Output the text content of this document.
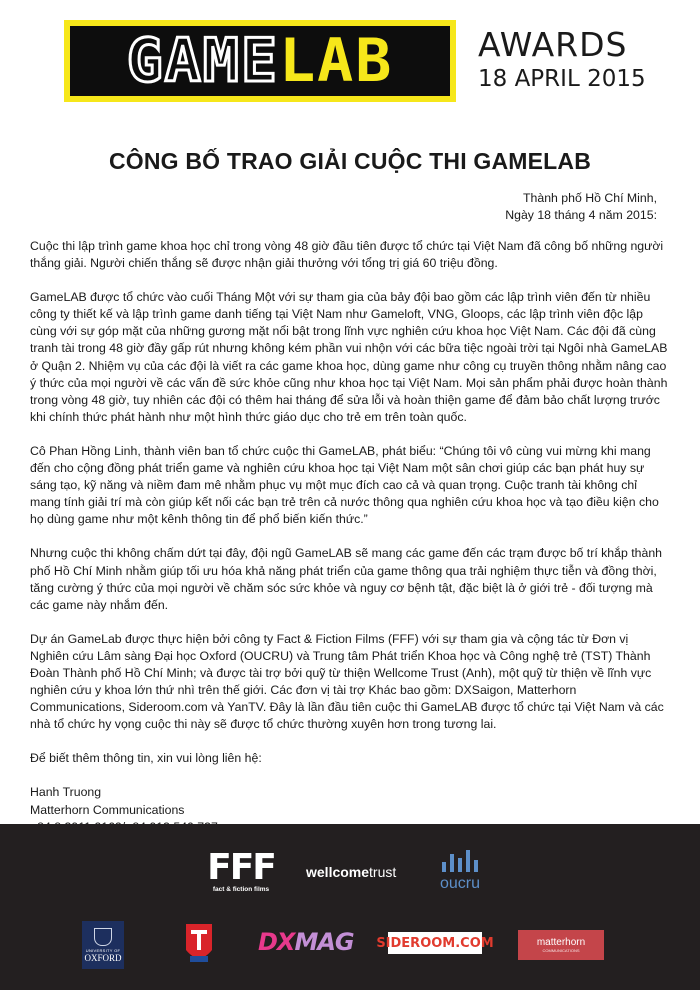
GAME LAB	AWARDS
18 APRIL 2015
CÔNG BỐ TRAO GIẢI CUỘC THI GAMELAB
Thành phố Hồ Chí Minh,
Ngày 18 tháng 4 năm 2015:

Cuộc thi lập trình game khoa học chỉ trong vòng 48 giờ đầu tiên được tổ chức tại Việt Nam đã công bố những người thắng giải. Người chiến thắng sẽ được nhận giải thưởng với tổng trị giá 60 triệu đồng.

GameLAB được tổ chức vào cuối Tháng Một với sự tham gia của bảy đội bao gồm các lập trình viên đến từ nhiều công ty thiết kế và lập trình game danh tiếng tại Việt Nam như Gameloft, VNG, Gloops, các lập trình viên độc lập cùng với sự góp mặt của những gương mặt nổi bật trong lĩnh vực nghiên cứu khoa học Việt Nam. Các đội đã cùng tranh tài trong 48 giờ đầy gấp rút nhưng không kém phần vui nhộn với các bữa tiệc ngoài trời tại Ngôi nhà GameLAB ở Quận 2. Nhiệm vụ của các đội là viết ra các game khoa học, dùng game như công cụ truyền thông nhằm nâng cao ý thức của mọi người về các vấn đề sức khỏe cũng như khoa học tại Việt Nam. Mọi sản phẩm phải được hoàn thành trong vòng 48 giờ, tuy nhiên các đội có thêm hai tháng để sửa lỗi và hoàn thiện game để đảm bảo chất lượng trước khi chính thức phát hành như một hình thức giáo dục cho trẻ em trên toàn quốc.

Cô Phan Hồng Linh, thành viên ban tổ chức cuộc thi GameLAB, phát biểu: “Chúng tôi vô cùng vui mừng khi mang đến cho cộng đồng phát triển game và nghiên cứu khoa học tại Việt Nam một sân chơi giúp các bạn phát huy sự sáng tạo, kỹ năng và niềm đam mê nhằm phục vụ một mục đích cao cả và quan trọng. Cuộc tranh tài không chỉ mang tính giải trí mà còn giúp kết nối các bạn trẻ trên cả nước thông qua nghiên cứu khoa học và tạo điều kiện cho họ dùng game như một kênh thông tin để phổ biến kiến thức.”

Nhưng cuộc thi không chấm dứt tại đây, đội ngũ GameLAB sẽ mang các game đến các trạm được bố trí khắp thành phố Hồ Chí Minh nhằm giúp tối ưu hóa khả năng phát triển của game thông qua trải nghiệm thực tiễn và đồng thời, tăng cường ý thức của mọi người về chăm sóc sức khỏe và nguy cơ bệnh tật, đặc biệt là ở giới trẻ - đối tượng mà các game này nhắm đến.

Dự án GameLab được thực hiện bởi công ty Fact & Fiction Films (FFF) với sự tham gia và cộng tác từ Đơn vị Nghiên cứu Lâm sàng Đại học Oxford (OUCRU) và Trung tâm Phát triển Khoa học và Công nghệ trẻ (TST) Thành Đoàn Thành phố Hồ Chí Minh; và được tài trợ bởi quỹ từ thiện Wellcome Trust (Anh), một quỹ từ thiện về lĩnh vực nghiên cứu y khoa lớn thứ nhì trên thế giới. Các đơn vị tài trợ Khác bao gồm: DXSaigon, Matterhorn Communications, Sideroom.com và YanTV. Đây là lần đầu tiên cuộc thi GameLAB được tổ chức tại Việt Nam và các nhà tổ chức hy vọng cuộc thi này sẽ được tổ chức thường xuyên hơn trong tương lai.

Để biết thêm thông tin, xin vui lòng liên hệ:

Hanh Truong

Matterhorn Communications

FFF
fact & fiction films
wellcome trust
oucru
UNIVERSITY OF
OXFORD
DX MAG SIDEROOM.COM	matterhorn
COMMUNICATIONS
